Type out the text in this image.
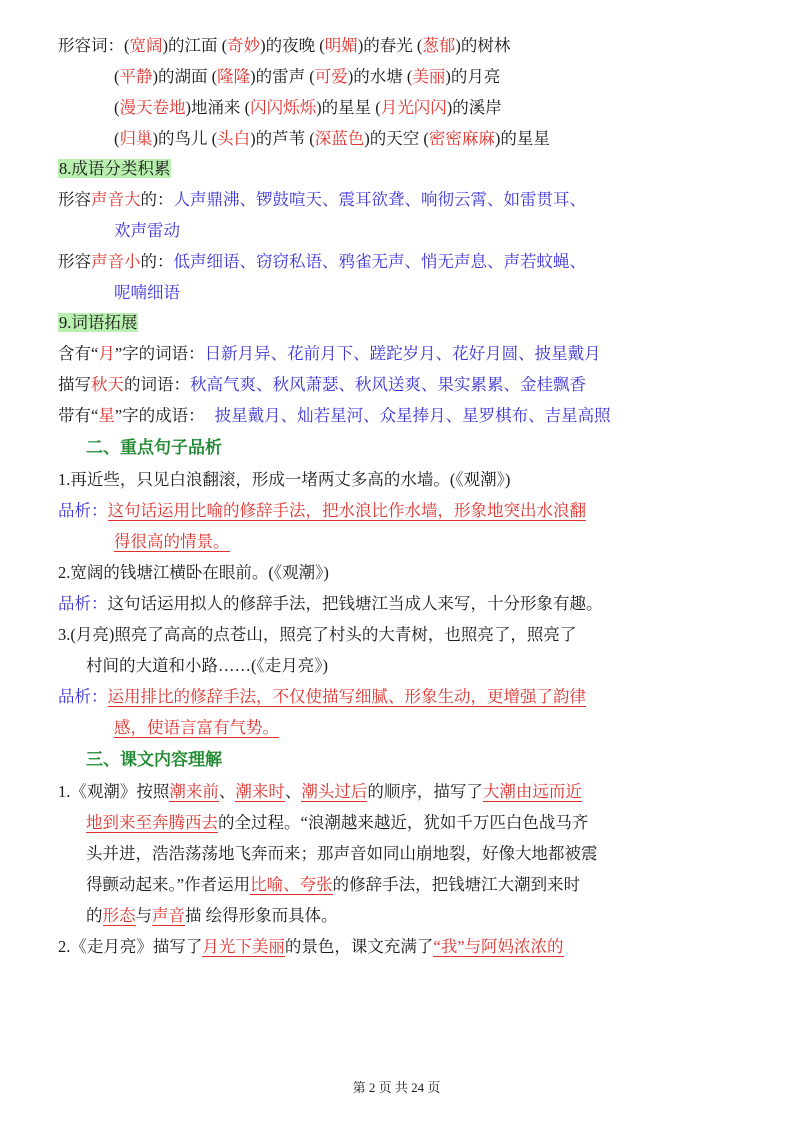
形容词：(宽阔)的江面 (奇妙)的夜晚 (明媚)的春光 (葱郁)的树林
(平静)的湖面 (隆隆)的雷声 (可爱)的水塘 (美丽)的月亮
(漫天卷地)地涌来 (闪闪烁烁)的星星 (月光闪闪)的溪岸
(归巢)的鸟儿 (头白)的芦苇 (深蓝色)的天空 (密密麻麻)的星星
8.成语分类积累
形容声音大的：人声鼎沸、锣鼓喧天、震耳欲聋、响彻云霄、如雷贯耳、
欢声雷动
形容声音小的：低声细语、窃窃私语、鸦雀无声、悄无声息、声若蚊蝇、
呢喃细语
9.词语拓展
含有“月”字的词语：日新月异、花前月下、蹉跎岁月、花好月圆、披星戴月
描写秋天的词语：秋高气爽、秋风萧瑟、秋风送爽、果实累累、金桂飘香
带有“星”字的成语： 披星戴月、灿若星河、众星捧月、星罗棋布、吉星高照
二、重点句子品析
1.再近些，只见白浪翻滚，形成一堵两丈多高的水墙。(《观潮》)
品析：这句话运用比喻的修辞手法，把水浪比作水墙，形象地突出水浪翻
得很高的情景。
2.宽阔的钱塘江横卧在眼前。(《观潮》)
品析：这句话运用拟人的修辞手法，把钱塘江当成人来写，十分形象有趣。
3.(月亮)照亮了高高的点苍山，照亮了村头的大青树，也照亮了，照亮了
村间的大道和小路……(《走月亮》)
品析：运用排比的修辞手法，不仅使描写细腻、形象生动，更增强了韵律
感，使语言富有气势。
三、课文内容理解
1.《观潮》按照潮来前、潮来时、潮头过后的顺序，描写了大潮由远而近
地到来至奔腾西去的全过程。“浪潮越来越近，犹如千万匹白色战马齐
头并进，浩浩荡荡地飞奔而来；那声音如同山崩地裂，好像大地都被震
得颤动起来。”作者运用比喻、夸张的修辞手法，把钱塘江大潮到来时
的形态与声音描 绘得形象而具体。
2.《走月亮》描写了月光下美丽的景色，课文充满了“我”与阿妈浓浓的
第 2 页 共 24 页
